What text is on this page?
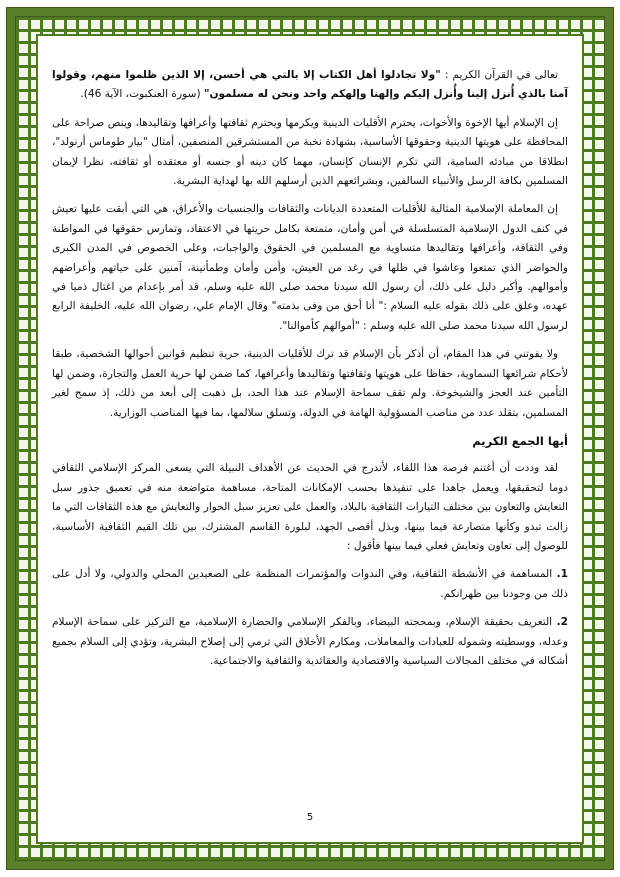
تعالى في القرآن الكريم : "ولا تجادلوا أهل الكتاب إلا بالتي هي أحسن، إلا الذين ظلموا منهم، وقولوا آمنا بالذي أُنزل إلينا وأُنزل إليكم وإلهنا وإلهكم واحد ونحن له مسلمون" (سورة العنكبوت، الآية 46).

إن الإسلام أيها الإخوة والأخوات، يحترم الأقليات الدينية ويكرمها ويحترم ثقافتها وأعرافها وتقاليدها، وينص صراحة على المحافظة على هويتها الدينية وحقوقها الأساسية، بشهادة نخبة من المستشرقين المنصفين، أمثال "بيار طوماس أرنولد"، انطلاقا من مبادئه السامية، التي تكرم الإنسان كإنسان، مهما كان دينه أو جنسه أو معتقده أو ثقافته، نظرا لإيمان المسلمين بكافة الرسل والأنبياء السالفين، وبشرائعهم الذين أرسلهم الله بها لهداية البشرية.

إن المعاملة الإسلامية المثالية للأقليات المتعددة الديانات والثقافات والجنسيات والأعراق، هي التي أبقت عليها تعيش في كنف الدول الإسلامية المتسلسلة في أمن وأمان، متمتعة بكامل حريتها في الاعتقاد، وتمارس حقوقها في المواطنة وفي الثقافة، وأعرافها وتقاليدها متساوية مع المسلمين في الحقوق والواجبات، وعلى الخصوص في المدن الكبرى والحواضر الذي تمتعوا وعاشوا في ظلها في رغد من العيش، وأمن وأمان وطمأنينة، آمنين على حياتهم وأعراضهم وأموالهم. وأكبر دليل على ذلك، أن رسول الله سيدنا محمد صلى الله عليه وسلم، قد أمر بإعدام من اغتال ذميا في عهده، وعلق على ذلك بقوله عليه السلام :" أنا أحق من وفى بذمته" وقال الإمام علي، رضوان الله عليه، الخليفة الرابع لرسول الله سيدنا محمد صلى الله عليه وسلم : "أموالهم كأموالنا".

ولا يفوتني في هذا المقام، أن أذكر بأن الإسلام قد ترك للأقليات الدينية، حرية تنظيم قوانين أحوالها الشخصية، طبقا لأحكام شرائعها السماوية، حفاظا على هويتها وثقافتها وتقاليدها وأعرافها، كما ضمن لها حرية العمل والتجارة، وضمن لها التأمين عند العجز والشيخوخة. ولم تقف سماحة الإسلام عند هذا الحد، بل ذهبت إلى أبعد من ذلك، إذ سمح لغير المسلمين، بتقلد عدد من مناصب المسؤولية الهامة في الدولة، وتسلق سلالمها، بما فيها المناصب الوزارية.

أيها الجمع الكريم

لقد وددت أن أغتنم فرصة هذا اللقاء، لأتدرج في الحديث عن الأهداف النبيلة التي يسعى المركز الإسلامي الثقافي دوما لتحقيقها، ويعمل جاهدا على تنفيذها بحسب الإمكانات المتاحة، مساهمة متواضعة منه في تعميق جذور سبل التعايش والتعاون بين مختلف التيارات الثقافية بالبلاد، والعمل على تعزيز سبل الحوار والتعايش مع هذه الثقافات التي ما زالت تبدو وكأنها متصارعة فيما بينها، وبذل أقصى الجهد، لبلورة القاسم المشترك، بين تلك القيم الثقافية الأساسية، للوصول إلى تعاون وتعايش فعلي فيما بينها فأقول :

1. المساهمة في الأنشطة الثقافية، وفي الندوات والمؤتمرات المنظمة على الصعيدين المحلي والدولي، ولا أدل على ذلك من وجودنا بين ظهرانكم.
2. التعريف بحقيقة الإسلام، وبمحجته البيضاء، وبالفكر الإسلامي والحضارة الإسلامية، مع التركيز على سماحة الإسلام وعدله، ووسطيته وشموله للعبادات والمعاملات، ومكارم الأخلاق التي ترمي إلى إصلاح البشرية، وتؤدي إلى السلام بجميع أشكاله في مختلف المجالات السياسية والاقتصادية والعقائدية والثقافية والاجتماعية.
5
